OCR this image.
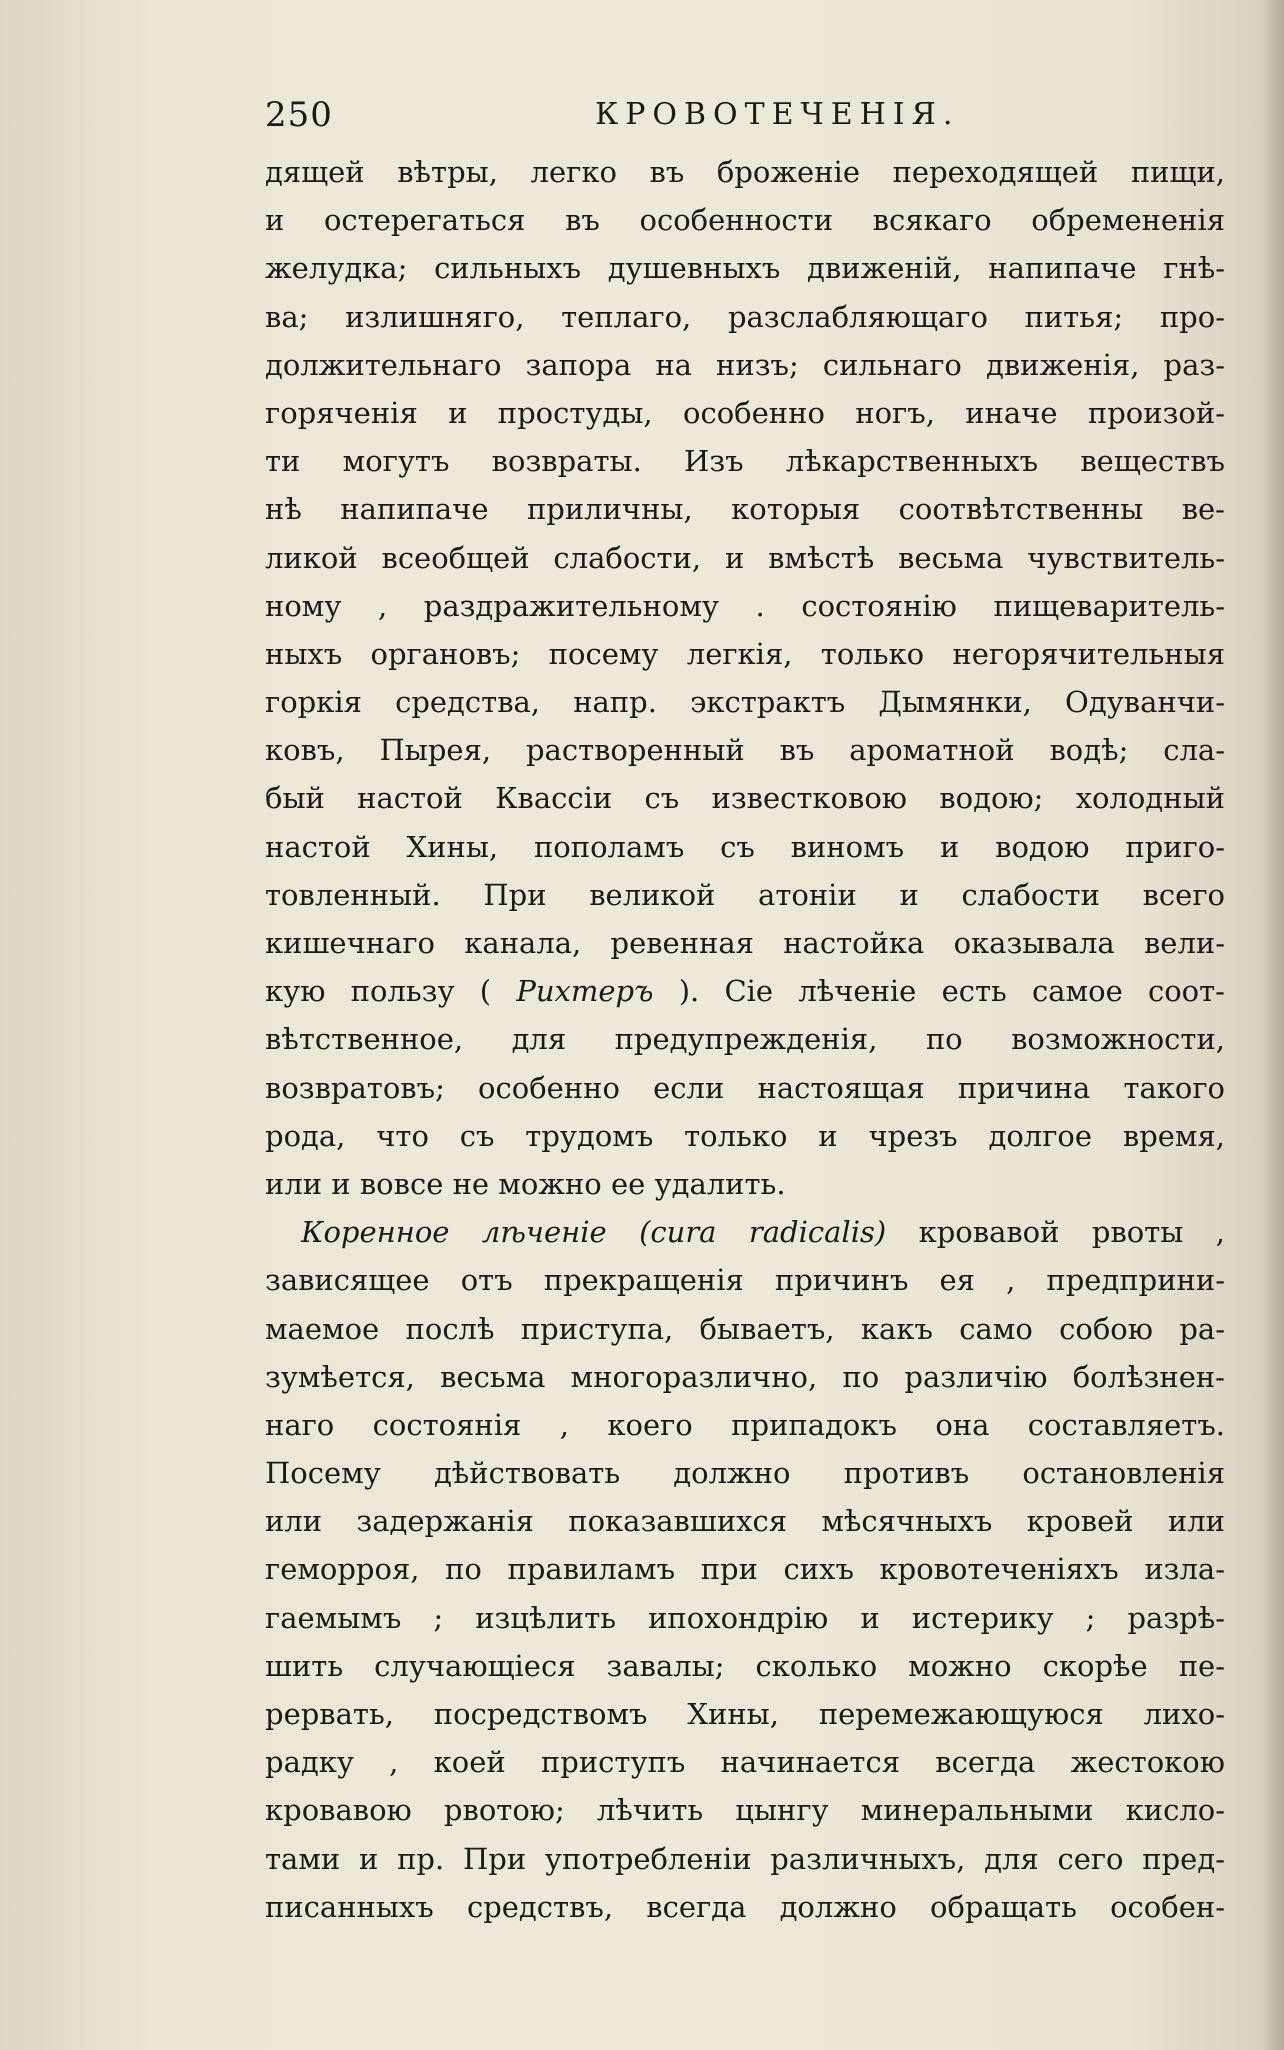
250	КРОВОТЕЧЕНІЯ.
дящей вѣтры, легко въ броженіе переходящей пищи,
и остерегаться въ особенности всякаго обремененія
желудка; сильныхъ душевныхъ движеній, напипаче гнѣ-
ва; излишняго, теплаго, разслабляющаго питья; про-
должительнаго запора на низъ; сильнаго движенія, раз-
горяченія и простуды, особенно ногъ, иначе произой-
ти могутъ возвраты. Изъ лѣкарственныхъ веществъ
нѣ напипаче приличны, которыя соотвѣтственны ве-
ликой всеобщей слабости, и вмѣстѣ весьма чувствитель-
ному , раздражительному . состоянію пищеваритель-
ныхъ органовъ; посему легкія, только негорячительныя
горкія средства, напр. экстрактъ Дымянки, Одуванчи-
ковъ, Пырея, растворенный въ ароматной водѣ; сла-
бый настой Квассіи съ известковою водою; холодный
настой Хины, пополамъ съ виномъ и водою приго-
товленный. При великой атоніи и слабости всего
кишечнаго канала, ревенная настойка оказывала вели-
кую пользу ( Рихтеръ ). Сіе лѣченіе есть самое соот-
вѣтственное, для предупрежденія, по возможности,
возвратовъ; особенно если настоящая причина такого
рода, что съ трудомъ только и чрезъ долгое время,
или и вовсе не можно ее удалить.
Коренное лѣченіе (cura radicalis) кровавой рвоты ,
зависящее отъ прекращенія причинъ ея , предприни-
маемое послѣ приступа, бываетъ, какъ само собою ра-
зумѣется, весьма многоразлично, по различію болѣзнен-
наго состоянія , коего припадокъ она составляетъ.
Посему дѣйствовать должно противъ остановленія
или задержанія показавшихся мѣсячныхъ кровей или
геморроя, по правиламъ при сихъ кровотеченіяхъ изла-
гаемымъ ; изцѣлить ипохондрію и истерику ; разрѣ-
шить случающіеся завалы; сколько можно скорѣе пе-
рервать, посредствомъ Хины, перемежающуюся лихо-
радку , коей приступъ начинается всегда жестокою
кровавою рвотою; лѣчить цынгу минеральными кисло-
тами и пр. При употребленіи различныхъ, для сего пред-
писанныхъ средствъ, всегда должно обращать особен-
